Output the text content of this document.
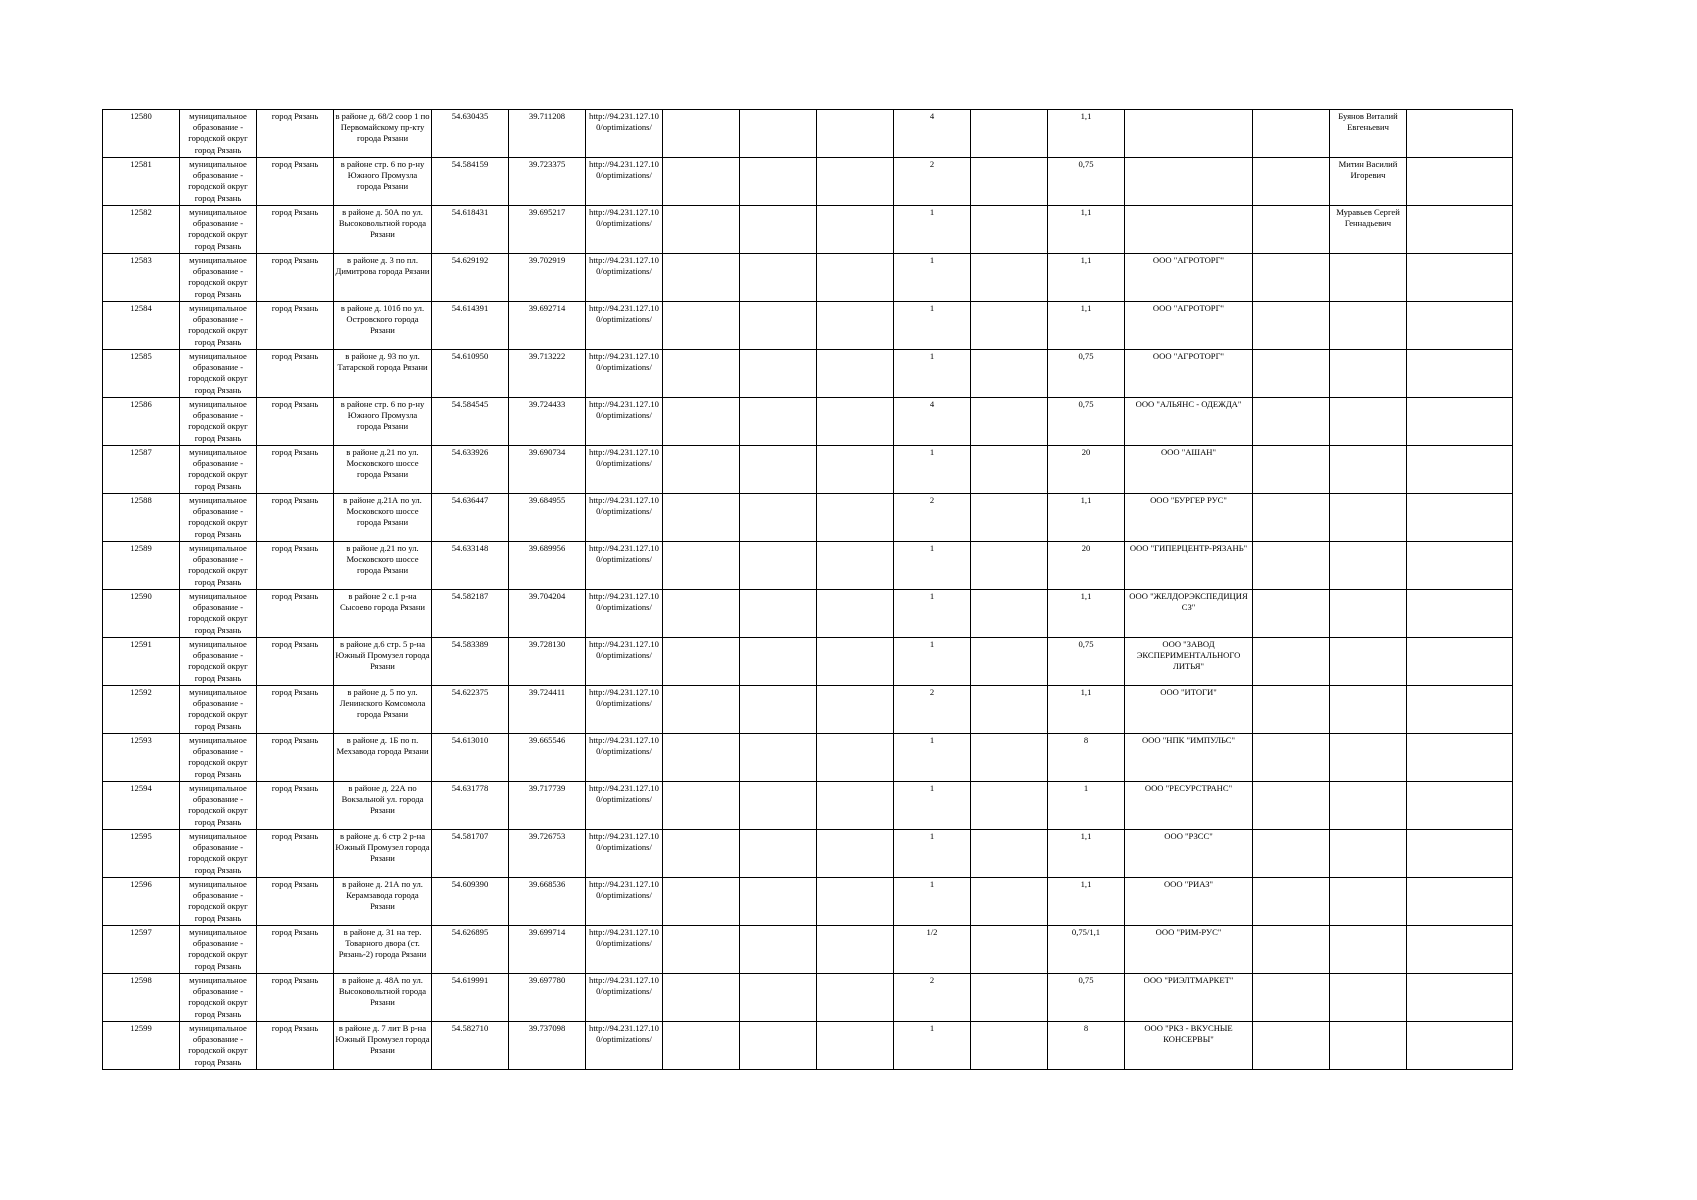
12580	муниципальное образование - городской округ город Рязань	город Рязань	в районе д. 68/2 соор 1 по Первомайскому пр-кту города Рязани	54.630435	39.711208	http://94.231.127.100/optimizations/				4		1,1			Буянов Виталий Евгеньевич	
12581	муниципальное образование - городской округ город Рязань	город Рязань	в районе стр. 6 по р-ну Южного Промузла города Рязани	54.584159	39.723375	http://94.231.127.100/optimizations/				2		0,75			Митин Василий Игоревич	
12582	муниципальное образование - городской округ город Рязань	город Рязань	в районе д. 50А по ул. Высоковольтной города Рязани	54.618431	39.695217	http://94.231.127.100/optimizations/				1		1,1			Муравьев Сергей Геннадьевич	
12583	муниципальное образование - городской округ город Рязань	город Рязань	в районе д. 3 по пл. Димитрова города Рязани	54.629192	39.702919	http://94.231.127.100/optimizations/				1		1,1	ООО "АГРОТОРГ"			
12584	муниципальное образование - городской округ город Рязань	город Рязань	в районе д. 101б по ул. Островского города Рязани	54.614391	39.692714	http://94.231.127.100/optimizations/				1		1,1	ООО "АГРОТОРГ"			
12585	муниципальное образование - городской округ город Рязань	город Рязань	в районе д. 93 по ул. Татарской города Рязани	54.610950	39.713222	http://94.231.127.100/optimizations/				1		0,75	ООО "АГРОТОРГ"			
12586	муниципальное образование - городской округ город Рязань	город Рязань	в районе стр. 6 по р-ну Южного Промузла города Рязани	54.584545	39.724433	http://94.231.127.100/optimizations/				4		0,75	ООО "АЛЬЯНС - ОДЕЖДА"			
12587	муниципальное образование - городской округ город Рязань	город Рязань	в районе д.21 по ул. Московского шоссе города Рязани	54.633926	39.690734	http://94.231.127.100/optimizations/				1		20	ООО "АШАН"			
12588	муниципальное образование - городской округ город Рязань	город Рязань	в районе д.21А по ул. Московского шоссе города Рязани	54.636447	39.684955	http://94.231.127.100/optimizations/				2		1,1	ООО "БУРГЕР РУС"			
12589	муниципальное образование - городской округ город Рязань	город Рязань	в районе д.21 по ул. Московского шоссе города Рязани	54.633148	39.689956	http://94.231.127.100/optimizations/				1		20	ООО "ГИПЕРЦЕНТР-РЯЗАНЬ"			
12590	муниципальное образование - городской округ город Рязань	город Рязань	в районе 2 с.1 р-на Сысоево города Рязани	54.582187	39.704204	http://94.231.127.100/optimizations/				1		1,1	ООО "ЖЕЛДОРЭКСПЕДИЦИЯ СЗ"			
12591	муниципальное образование - городской округ город Рязань	город Рязань	в районе д.6 стр. 5 р-на Южный Промузел города Рязани	54.583389	39.728130	http://94.231.127.100/optimizations/				1		0,75	ООО "ЗАВОД ЭКСПЕРИМЕНТАЛЬНОГО ЛИТЬЯ"			
12592	муниципальное образование - городской округ город Рязань	город Рязань	в районе д. 5 по ул. Ленинского Комсомола города Рязани	54.622375	39.724411	http://94.231.127.100/optimizations/				2		1,1	ООО "ИТОГИ"			
12593	муниципальное образование - городской округ город Рязань	город Рязань	в районе д. 1Б по п. Мехзавода города Рязани	54.613010	39.665546	http://94.231.127.100/optimizations/				1		8	ООО "НПК "ИМПУЛЬС"			
12594	муниципальное образование - городской округ город Рязань	город Рязань	в районе д. 22А по Вокзальной ул. города Рязани	54.631778	39.717739	http://94.231.127.100/optimizations/				1		1	ООО "РЕСУРСТРАНС"			
12595	муниципальное образование - городской округ город Рязань	город Рязань	в районе д. 6 стр 2 р-на Южный Промузел города Рязани	54.581707	39.726753	http://94.231.127.100/optimizations/				1		1,1	ООО "РЗСС"			
12596	муниципальное образование - городской округ город Рязань	город Рязань	в районе д. 21А по ул. Керамзавода города Рязани	54.609390	39.668536	http://94.231.127.100/optimizations/				1		1,1	ООО "РИАЗ"			
12597	муниципальное образование - городской округ город Рязань	город Рязань	в районе д. 31 на тер. Товарного двора (ст. Рязань-2) города Рязани	54.626895	39.699714	http://94.231.127.100/optimizations/				1/2		0,75/1,1	ООО "РИМ-РУС"			
12598	муниципальное образование - городской округ город Рязань	город Рязань	в районе д. 48А по ул. Высоковольтной города Рязани	54.619991	39.697780	http://94.231.127.100/optimizations/				2		0,75	ООО "РИЭЛТМАРКЕТ"			
12599	муниципальное образование - городской округ город Рязань	город Рязань	в районе д. 7 лит В р-на Южный Промузел города Рязани	54.582710	39.737098	http://94.231.127.100/optimizations/				1		8	ООО "РКЗ - ВКУСНЫЕ КОНСЕРВЫ"			
